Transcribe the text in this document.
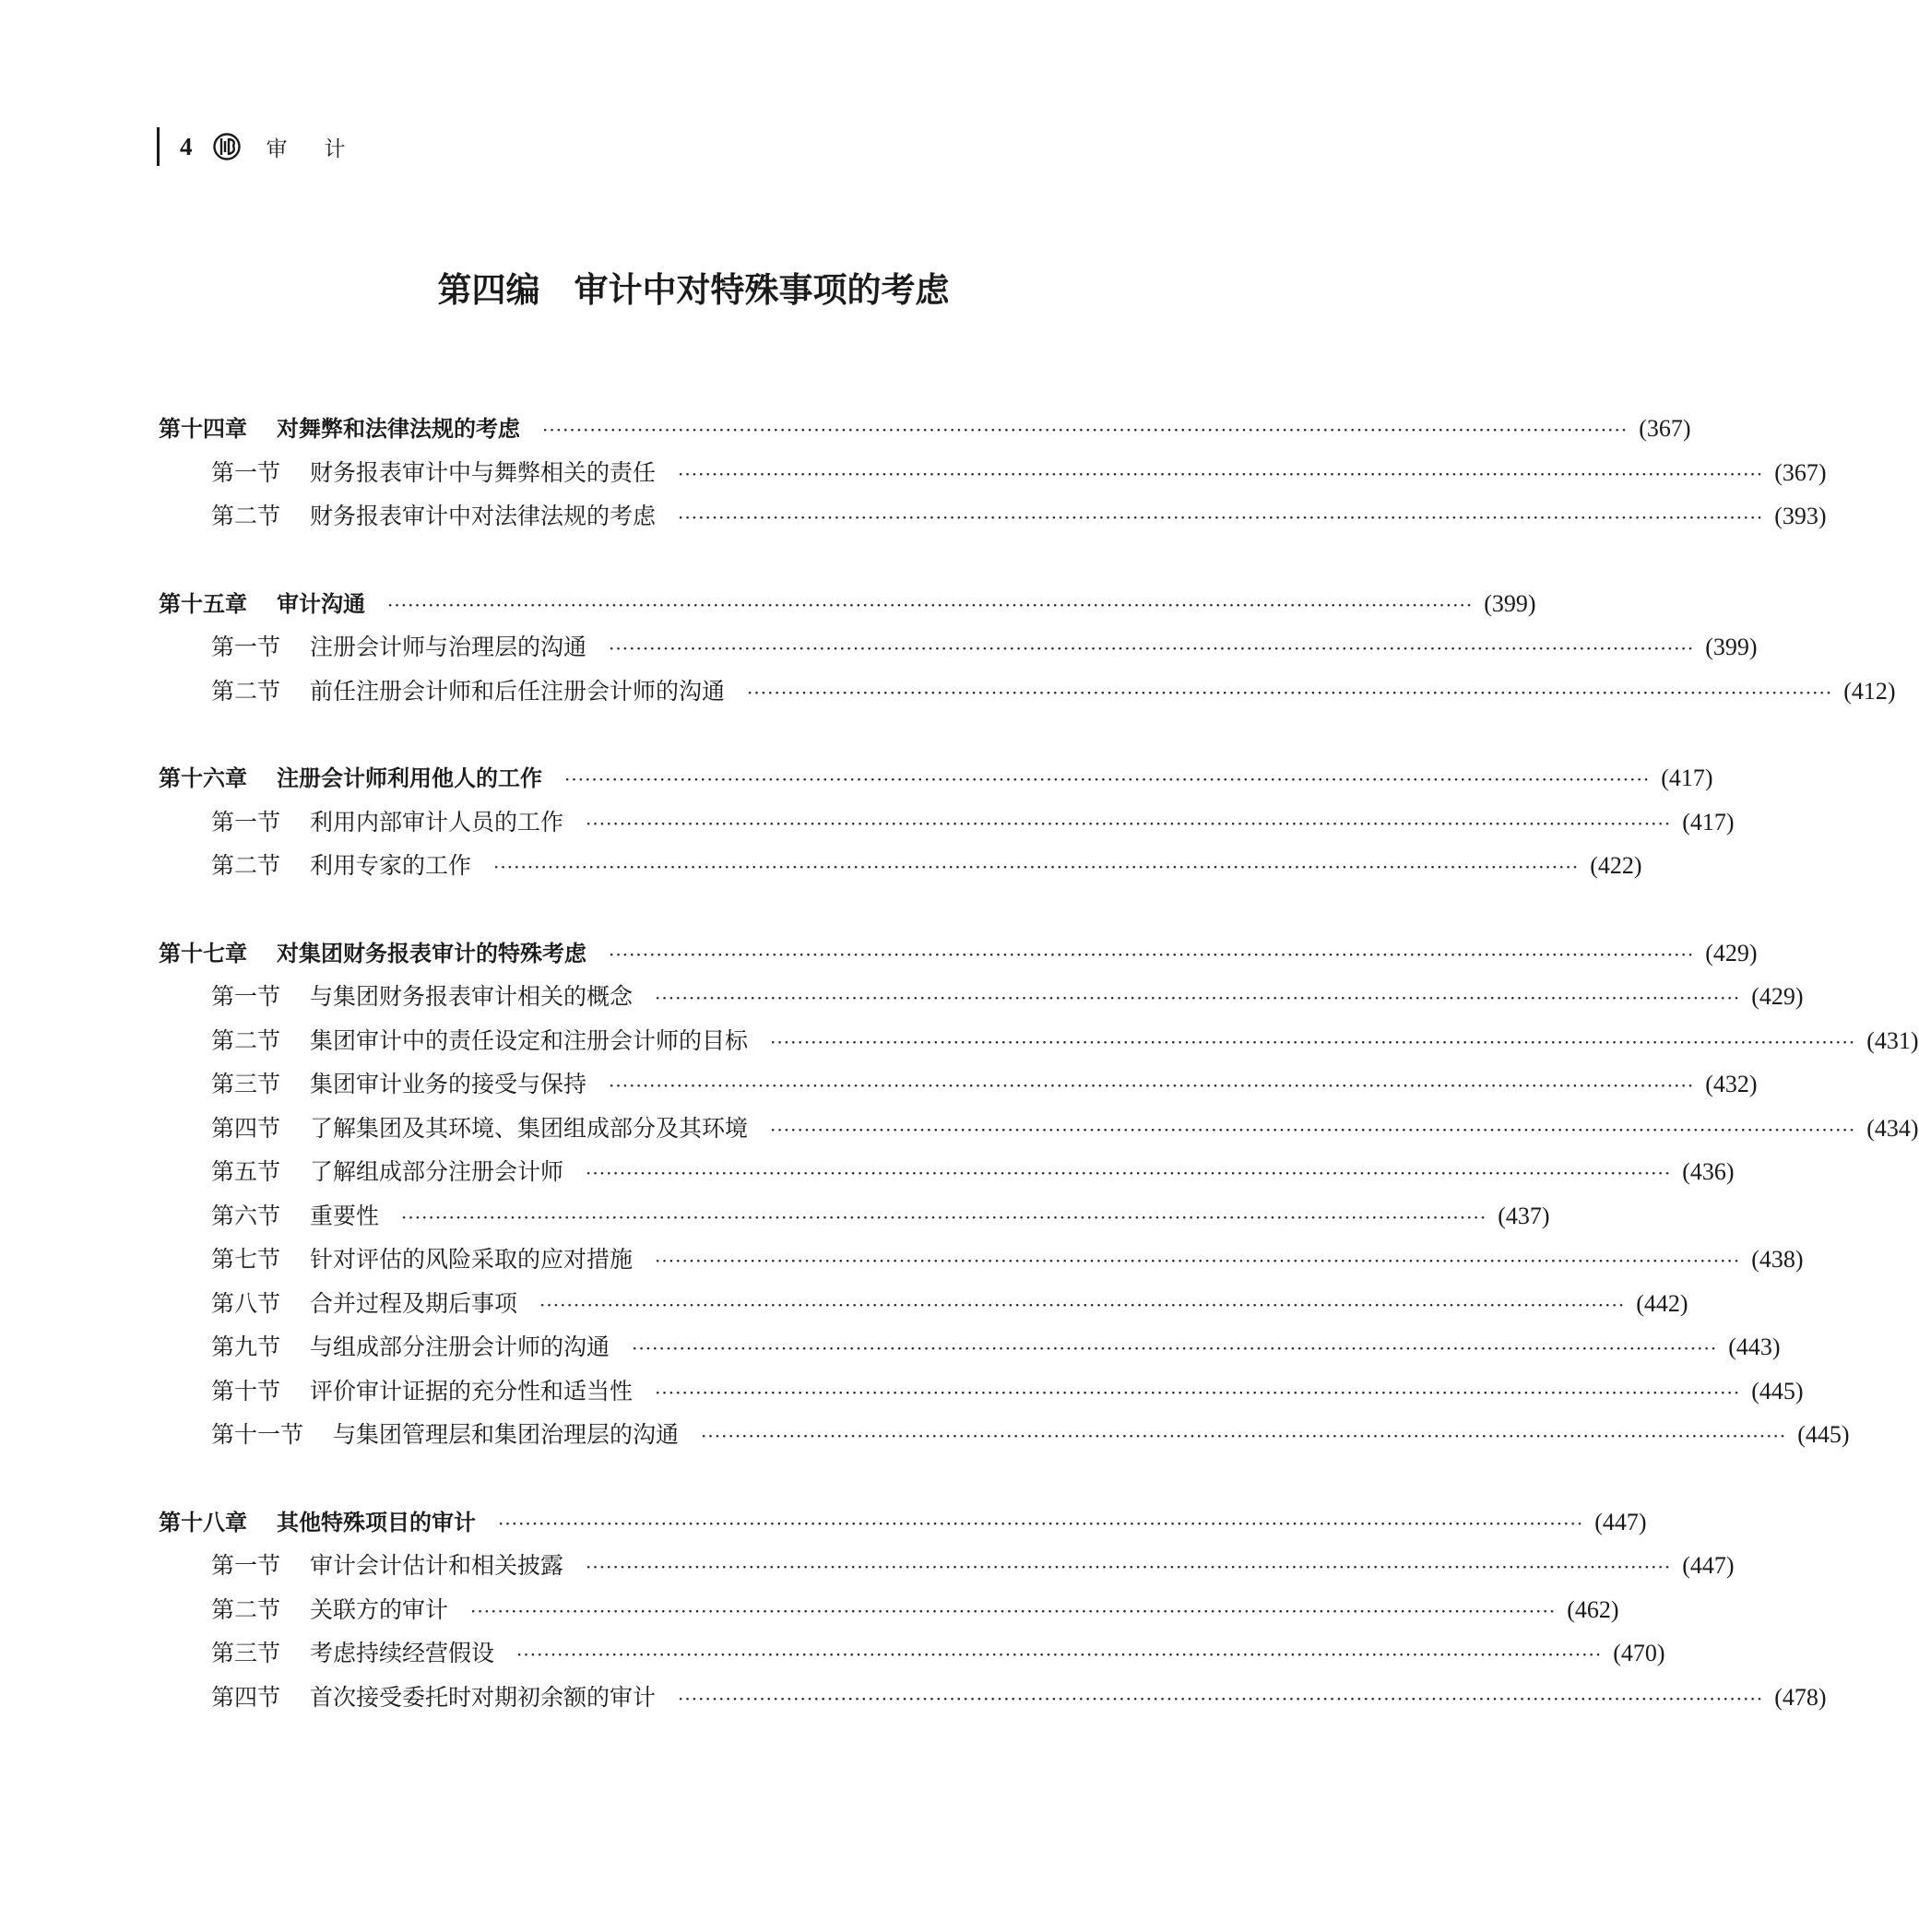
4	审计
第四编　审计中对特殊事项的考虑
第十四章 对舞弊和法律法规的考虑 ································································································································································ (367)
第一节 财务报表审计中与舞弊相关的责任 ································································································································································ (367)
第二节 财务报表审计中对法律法规的考虑 ································································································································································ (393)
第十五章 审计沟通 ································································································································································ (399)
第一节 注册会计师与治理层的沟通 ································································································································································ (399)
第二节 前任注册会计师和后任注册会计师的沟通 ································································································································································ (412)
第十六章 注册会计师利用他人的工作 ································································································································································ (417)
第一节 利用内部审计人员的工作 ································································································································································ (417)
第二节 利用专家的工作 ································································································································································ (422)
第十七章 对集团财务报表审计的特殊考虑 ································································································································································ (429)
第一节 与集团财务报表审计相关的概念 ································································································································································ (429)
第二节 集团审计中的责任设定和注册会计师的目标 ································································································································································ (431)
第三节 集团审计业务的接受与保持 ································································································································································ (432)
第四节 了解集团及其环境、集团组成部分及其环境 ································································································································································ (434)
第五节 了解组成部分注册会计师 ································································································································································ (436)
第六节 重要性 ································································································································································ (437)
第七节 针对评估的风险采取的应对措施 ································································································································································ (438)
第八节 合并过程及期后事项 ································································································································································ (442)
第九节 与组成部分注册会计师的沟通 ································································································································································ (443)
第十节 评价审计证据的充分性和适当性 ································································································································································ (445)
第十一节 与集团管理层和集团治理层的沟通 ································································································································································ (445)
第十八章 其他特殊项目的审计 ································································································································································ (447)
第一节 审计会计估计和相关披露 ································································································································································ (447)
第二节 关联方的审计 ································································································································································ (462)
第三节 考虑持续经营假设 ································································································································································ (470)
第四节 首次接受委托时对期初余额的审计 ································································································································································ (478)
